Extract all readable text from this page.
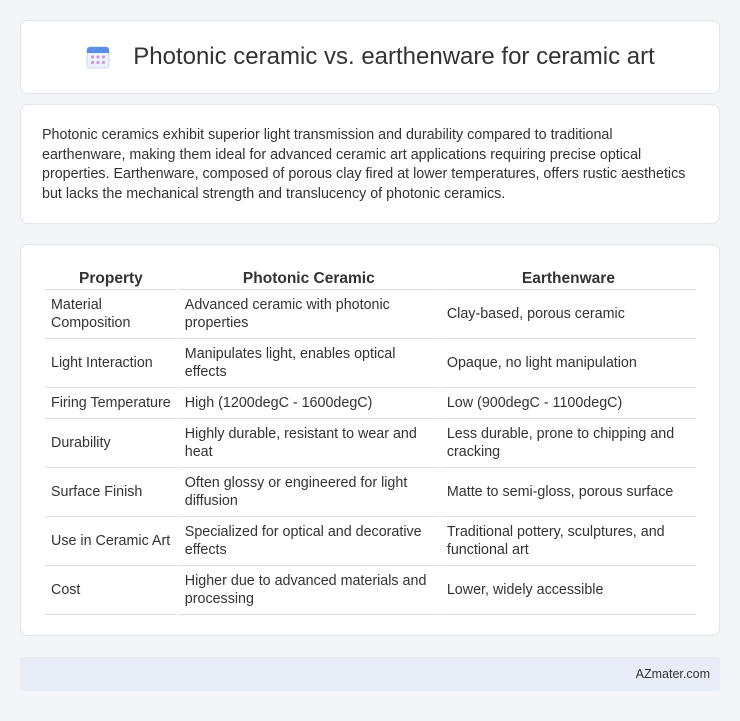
Photonic ceramic vs. earthenware for ceramic art

Photonic ceramics exhibit superior light transmission and durability compared to traditional earthenware, making them ideal for advanced ceramic art applications requiring precise optical properties. Earthenware, composed of porous clay fired at lower temperatures, offers rustic aesthetics but lacks the mechanical strength and translucency of photonic ceramics.

Property	Photonic Ceramic	Earthenware
Material Composition	Advanced ceramic with photonic properties	Clay-based, porous ceramic
Light Interaction	Manipulates light, enables optical effects	Opaque, no light manipulation
Firing Temperature	High (1200degC - 1600degC)	Low (900degC - 1100degC)
Durability	Highly durable, resistant to wear and heat	Less durable, prone to chipping and cracking
Surface Finish	Often glossy or engineered for light diffusion	Matte to semi-gloss, porous surface
Use in Ceramic Art	Specialized for optical and decorative effects	Traditional pottery, sculptures, and functional art
Cost	Higher due to advanced materials and processing	Lower, widely accessible
AZmater.com
